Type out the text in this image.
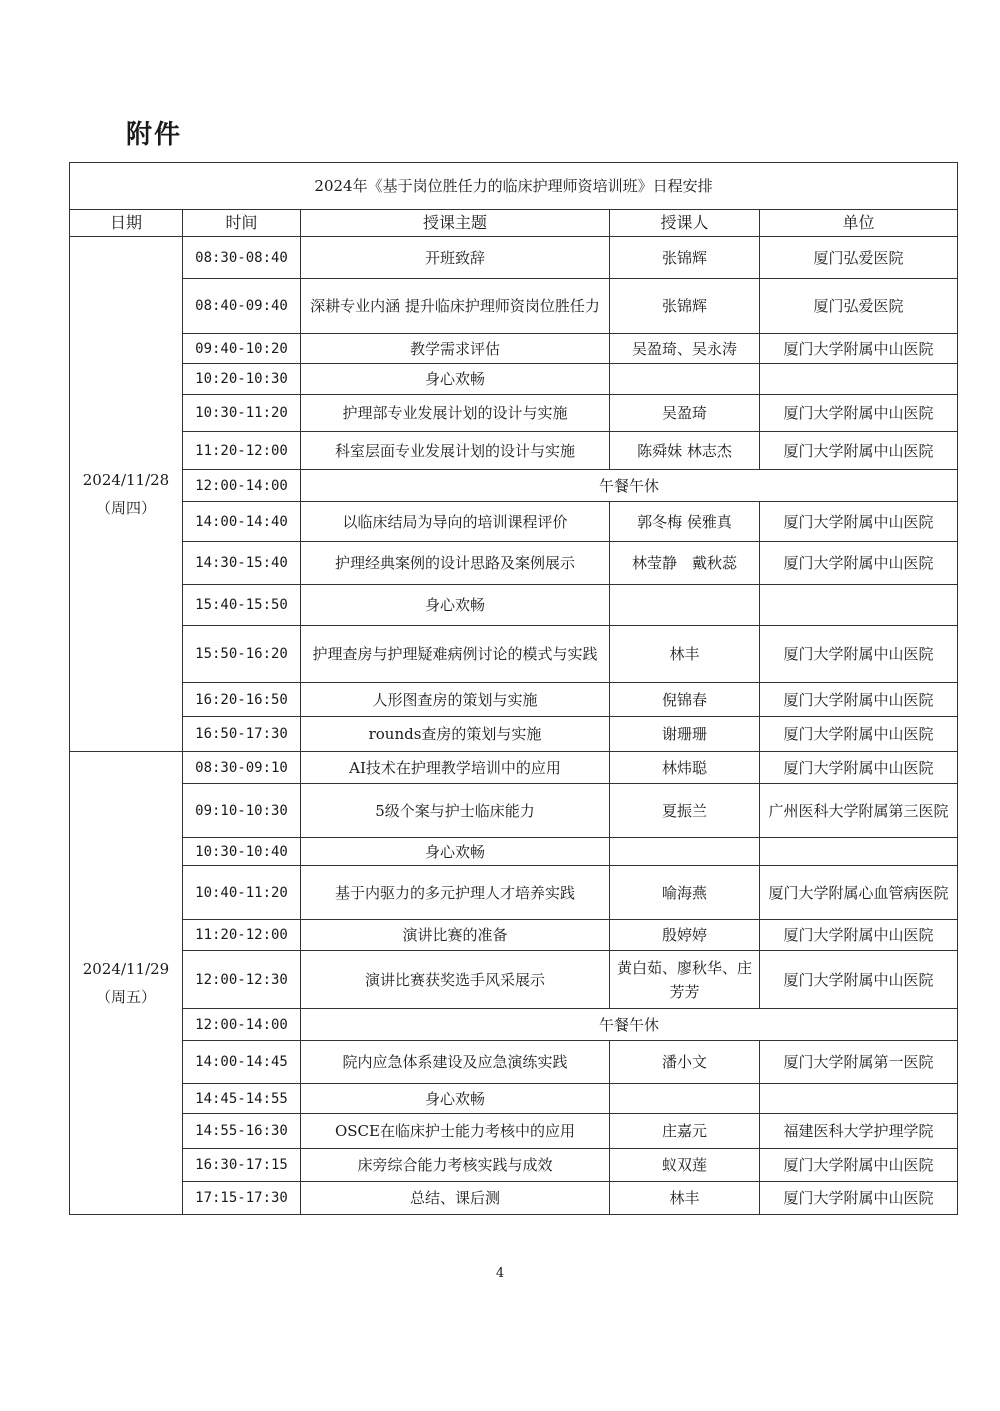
附件
2024年《基于岗位胜任力的临床护理师资培训班》日程安排				
日期	时间	授课主题	授课人	单位

2024/11/28
（周四）	08:30-08:40	开班致辞	张锦辉	厦门弘爱医院
	08:40-09:40	深耕专业内涵 提升临床护理师资岗位胜任力	张锦辉	厦门弘爱医院
	09:40-10:20	教学需求评估	吴盈琦、吴永涛	厦门大学附属中山医院
	10:20-10:30	身心欢畅		
	10:30-11:20	护理部专业发展计划的设计与实施	吴盈琦	厦门大学附属中山医院
	11:20-12:00	科室层面专业发展计划的设计与实施	陈舜妹 林志杰	厦门大学附属中山医院
	12:00-14:00	午餐午休		
	14:00-14:40	以临床结局为导向的培训课程评价	郭冬梅 侯雅真	厦门大学附属中山医院
	14:30-15:40	护理经典案例的设计思路及案例展示	林莹静　戴秋蕊	厦门大学附属中山医院
	15:40-15:50	身心欢畅		
	15:50-16:20	护理查房与护理疑难病例讨论的模式与实践	林丰	厦门大学附属中山医院
	16:20-16:50	人形图查房的策划与实施	倪锦春	厦门大学附属中山医院
	16:50-17:30	rounds查房的策划与实施	谢珊珊	厦门大学附属中山医院

2024/11/29
（周五）	08:30-09:10	AI技术在护理教学培训中的应用	林炜聪	厦门大学附属中山医院
	09:10-10:30	5级个案与护士临床能力	夏振兰	广州医科大学附属第三医院
	10:30-10:40	身心欢畅		
	10:40-11:20	基于内驱力的多元护理人才培养实践	喻海燕	厦门大学附属心血管病医院
	11:20-12:00	演讲比赛的准备	殷婷婷	厦门大学附属中山医院
	12:00-12:30	演讲比赛获奖选手风采展示	黄白茹、廖秋华、庄芳芳	厦门大学附属中山医院
	12:00-14:00	午餐午休		
	14:00-14:45	院内应急体系建设及应急演练实践	潘小文	厦门大学附属第一医院
	14:45-14:55	身心欢畅		
	14:55-16:30	OSCE在临床护士能力考核中的应用	庄嘉元	福建医科大学护理学院
	16:30-17:15	床旁综合能力考核实践与成效	蚁双莲	厦门大学附属中山医院
	17:15-17:30	总结、课后测	林丰	厦门大学附属中山医院
4
